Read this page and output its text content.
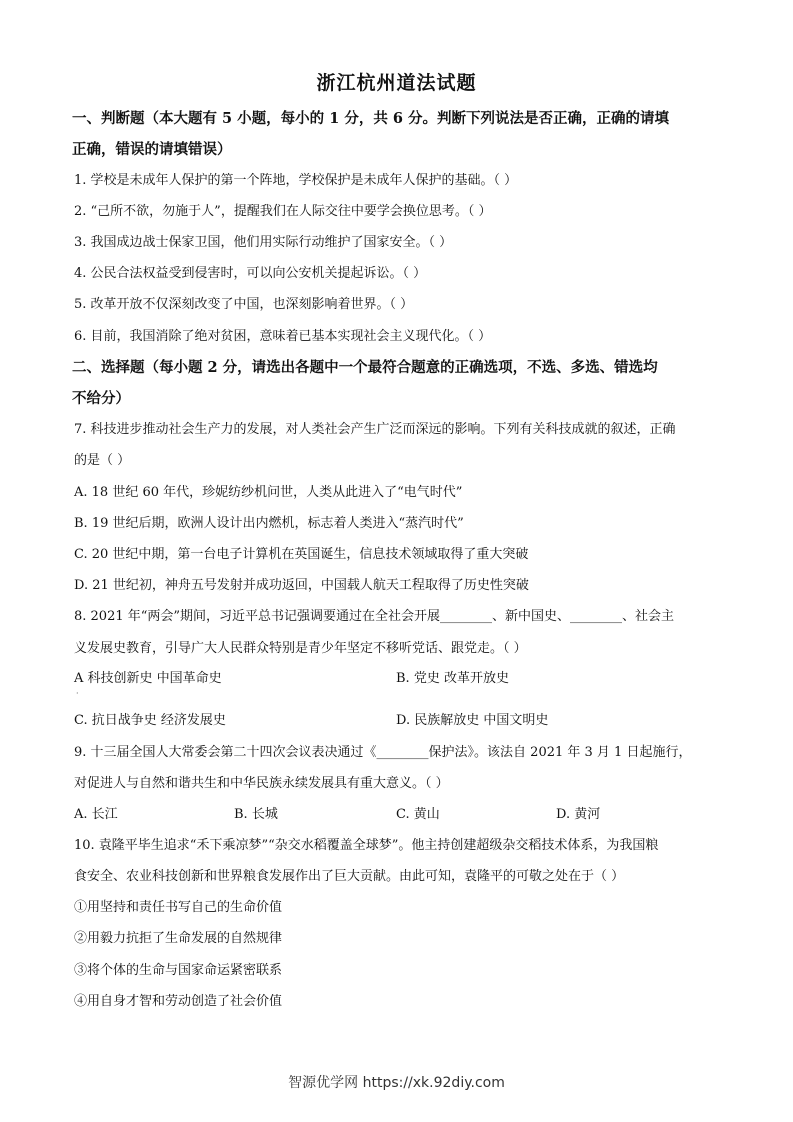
浙江杭州道法试题
一、判断题（本大题有 5 小题，每小的 1 分，共 6 分。判断下列说法是否正确，正确的请填
正确，错误的请填错误）
1. 学校是未成年人保护的第一个阵地，学校保护是未成年人保护的基础。（ ）
2. “己所不欲，勿施于人”，提醒我们在人际交往中要学会换位思考。（ ）
3. 我国成边战士保家卫国，他们用实际行动维护了国家安全。（ ）
4. 公民合法权益受到侵害时，可以向公安机关提起诉讼。（ ）
5. 改革开放不仅深刻改变了中国，也深刻影响着世界。（ ）
6. 目前，我国消除了绝对贫困，意味着已基本实现社会主义现代化。（ ）
二、选择题（每小题 2 分，请选出各题中一个最符合题意的正确选项，不选、多选、错选均
不给分）
7. 科技进步推动社会生产力的发展，对人类社会产生广泛而深远的影响。下列有关科技成就的叙述，正确
的是（ ）
A. 18 世纪 60 年代，珍妮纺纱机问世，人类从此进入了“电气时代”
B. 19 世纪后期，欧洲人设计出内燃机，标志着人类进入“蒸汽时代”
C. 20 世纪中期，第一台电子计算机在英国诞生，信息技术领域取得了重大突破
D. 21 世纪初，神舟五号发射并成功返回，中国载人航天工程取得了历史性突破
8. 2021 年“两会”期间，习近平总书记强调要通过在全社会开展________、新中国史、________、社会主
义发展史教育，引导广大人民群众特别是青少年坚定不移听党话、跟党走。（ ）
A 科技创新史 中国革命史	B. 党史 改革开放史
·
C. 抗日战争史 经济发展史	D. 民族解放史 中国文明史
9. 十三届全国人大常委会第二十四次会议表决通过《________保护法》。该法自 2021 年 3 月 1 日起施行，
对促进人与自然和谐共生和中华民族永续发展具有重大意义。（ ）
A. 长江	B. 长城	C. 黄山	D. 黄河
10. 袁隆平毕生追求“禾下乘凉梦”“杂交水稻覆盖全球梦”。他主持创建超级杂交稻技术体系，为我国粮
食安全、农业科技创新和世界粮食发展作出了巨大贡献。由此可知，袁隆平的可敬之处在于（ ）
①用坚持和责任书写自己的生命价值
②用毅力抗拒了生命发展的自然规律
③将个体的生命与国家命运紧密联系
④用自身才智和劳动创造了社会价值
智源优学网 https://xk.92diy.com
